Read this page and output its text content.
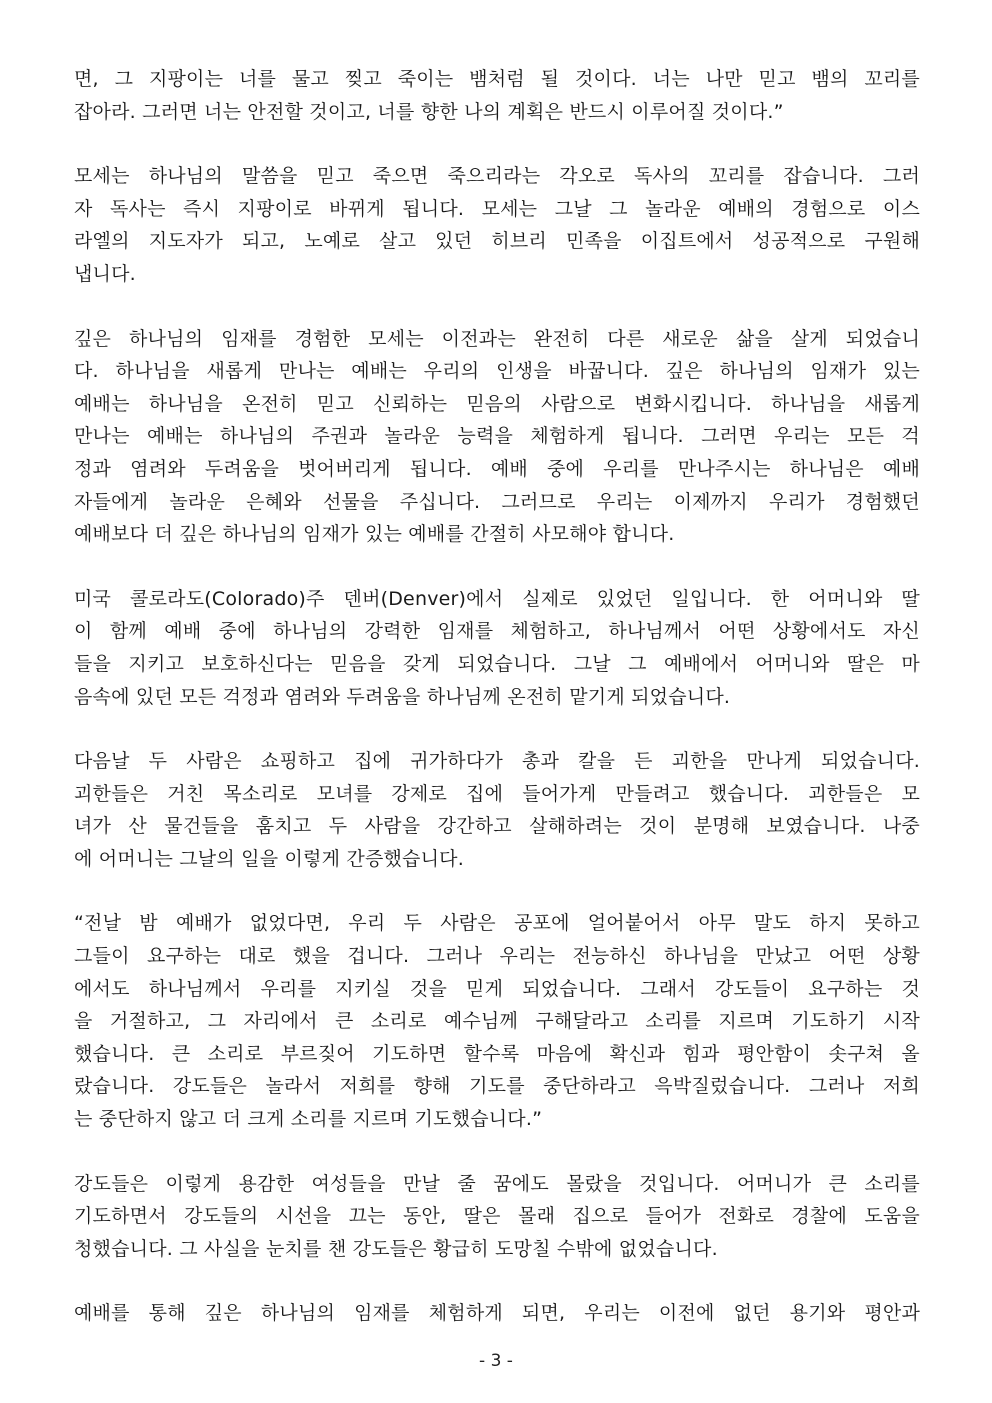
면, 그 지팡이는 너를 물고 찢고 죽이는 뱀처럼 될 것이다. 너는 나만 믿고 뱀의 꼬리를
잡아라. 그러면 너는 안전할 것이고, 너를 향한 나의 계획은 반드시 이루어질 것이다.”
모세는 하나님의 말씀을 믿고 죽으면 죽으리라는 각오로 독사의 꼬리를 잡습니다. 그러
자 독사는 즉시 지팡이로 바뀌게 됩니다. 모세는 그날 그 놀라운 예배의 경험으로 이스
라엘의 지도자가 되고, 노예로 살고 있던 히브리 민족을 이집트에서 성공적으로 구원해
냅니다.
깊은 하나님의 임재를 경험한 모세는 이전과는 완전히 다른 새로운 삶을 살게 되었습니
다. 하나님을 새롭게 만나는 예배는 우리의 인생을 바꿉니다. 깊은 하나님의 임재가 있는
예배는 하나님을 온전히 믿고 신뢰하는 믿음의 사람으로 변화시킵니다. 하나님을 새롭게
만나는 예배는 하나님의 주권과 놀라운 능력을 체험하게 됩니다. 그러면 우리는 모든 걱
정과 염려와 두려움을 벗어버리게 됩니다. 예배 중에 우리를 만나주시는 하나님은 예배
자들에게 놀라운 은혜와 선물을 주십니다. 그러므로 우리는 이제까지 우리가 경험했던
예배보다 더 깊은 하나님의 임재가 있는 예배를 간절히 사모해야 합니다.
미국 콜로라도(Colorado)주 덴버(Denver)에서 실제로 있었던 일입니다. 한 어머니와 딸
이 함께 예배 중에 하나님의 강력한 임재를 체험하고, 하나님께서 어떤 상황에서도 자신
들을 지키고 보호하신다는 믿음을 갖게 되었습니다. 그날 그 예배에서 어머니와 딸은 마
음속에 있던 모든 걱정과 염려와 두려움을 하나님께 온전히 맡기게 되었습니다.
다음날 두 사람은 쇼핑하고 집에 귀가하다가 총과 칼을 든 괴한을 만나게 되었습니다.
괴한들은 거친 목소리로 모녀를 강제로 집에 들어가게 만들려고 했습니다. 괴한들은 모
녀가 산 물건들을 훔치고 두 사람을 강간하고 살해하려는 것이 분명해 보였습니다. 나중
에 어머니는 그날의 일을 이렇게 간증했습니다.
“전날 밤 예배가 없었다면, 우리 두 사람은 공포에 얼어붙어서 아무 말도 하지 못하고
그들이 요구하는 대로 했을 겁니다. 그러나 우리는 전능하신 하나님을 만났고 어떤 상황
에서도 하나님께서 우리를 지키실 것을 믿게 되었습니다. 그래서 강도들이 요구하는 것
을 거절하고, 그 자리에서 큰 소리로 예수님께 구해달라고 소리를 지르며 기도하기 시작
했습니다. 큰 소리로 부르짖어 기도하면 할수록 마음에 확신과 힘과 평안함이 솟구쳐 올
랐습니다. 강도들은 놀라서 저희를 향해 기도를 중단하라고 윽박질렀습니다. 그러나 저희
는 중단하지 않고 더 크게 소리를 지르며 기도했습니다.”
강도들은 이렇게 용감한 여성들을 만날 줄 꿈에도 몰랐을 것입니다. 어머니가 큰 소리를
기도하면서 강도들의 시선을 끄는 동안, 딸은 몰래 집으로 들어가 전화로 경찰에 도움을
청했습니다. 그 사실을 눈치를 챈 강도들은 황급히 도망칠 수밖에 없었습니다.
예배를 통해 깊은 하나님의 임재를 체험하게 되면, 우리는 이전에 없던 용기와 평안과
- 3 -
